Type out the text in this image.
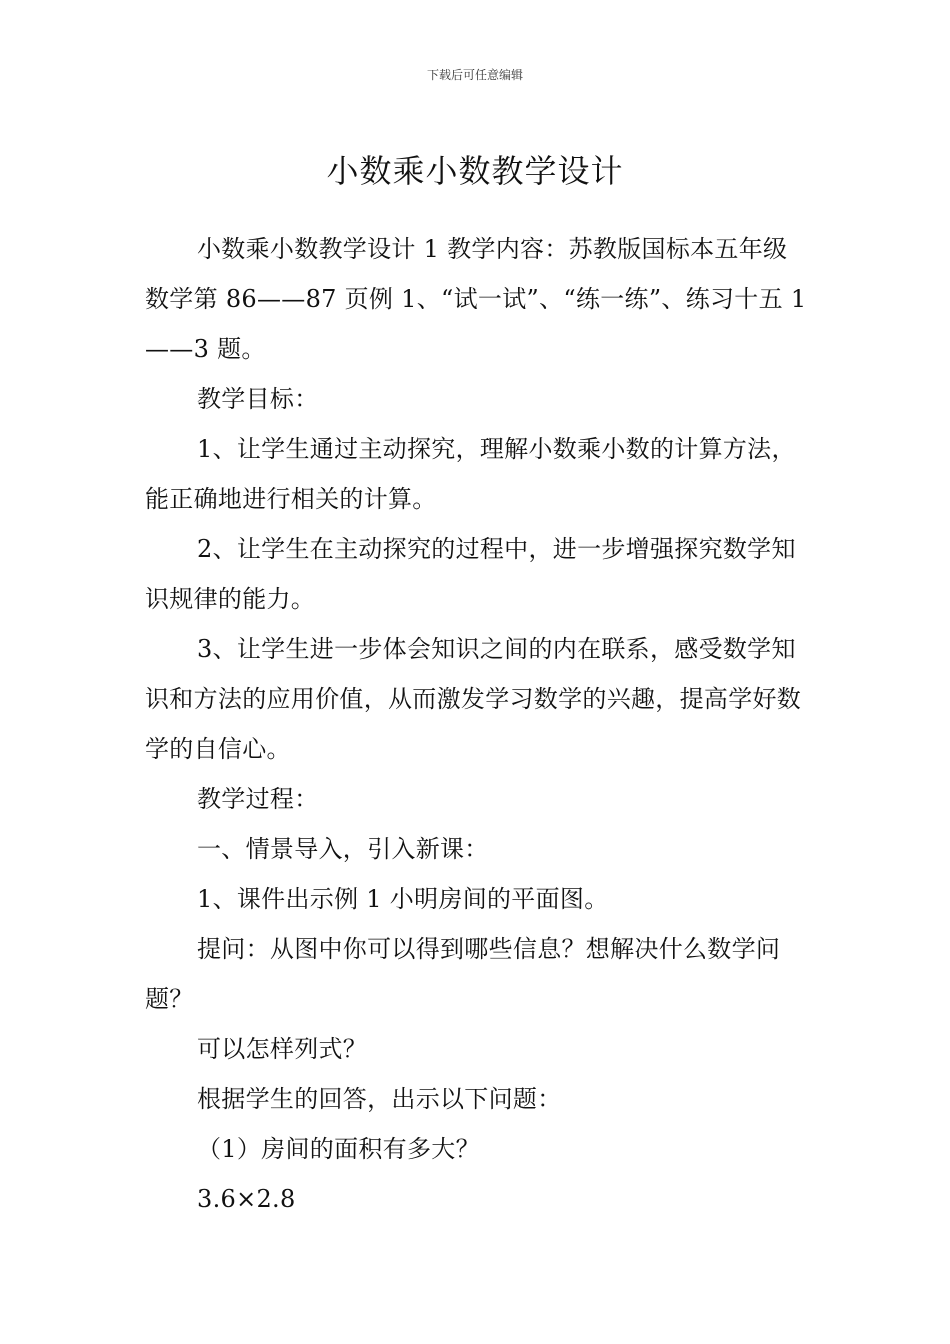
下载后可任意编辑
小数乘小数教学设计

小数乘小数教学设计 1 教学内容：苏教版国标本五年级数学第 86——87 页例 1、“试一试”、“练一练”、练习十五 1——3 题。

教学目标：

1、让学生通过主动探究，理解小数乘小数的计算方法，能正确地进行相关的计算。

2、让学生在主动探究的过程中，进一步增强探究数学知识规律的能力。

3、让学生进一步体会知识之间的内在联系，感受数学知识和方法的应用价值，从而激发学习数学的兴趣，提高学好数学的自信心。

教学过程：

一、情景导入，引入新课：

1、课件出示例 1 小明房间的平面图。

提问：从图中你可以得到哪些信息？想解决什么数学问题？

可以怎样列式？

根据学生的回答，出示以下问题：

（1）房间的面积有多大？

3.6×2.8
